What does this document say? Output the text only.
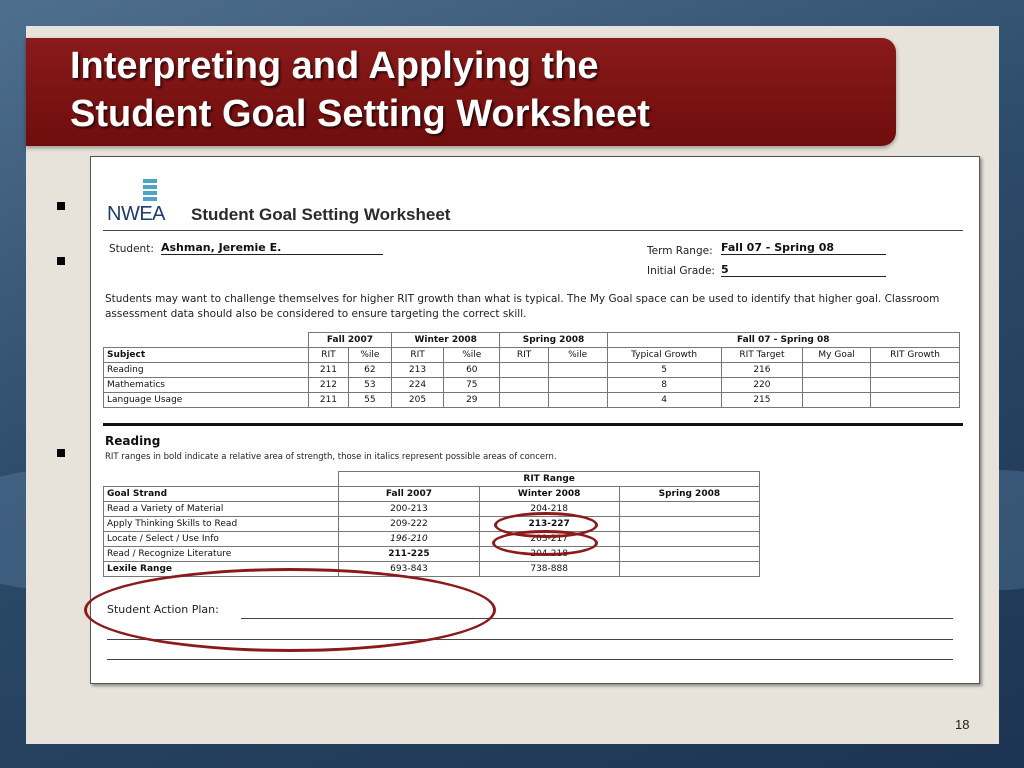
Interpreting and Applying the
Student Goal Setting Worksheet
NWEA Student Goal Setting Worksheet
Student: Ashman, Jeremie E.	Term Range: Fall 07 - Spring 08
Initial Grade: 5
Students may want to challenge themselves for higher RIT growth than what is typical. The My Goal space can be used to identify that higher goal. Classroom assessment data should also be considered to ensure targeting the correct skill.
	Fall 2007		Winter 2008		Spring 2008		Fall 07 - Spring 08			
Subject	RIT	%ile	RIT	%ile	RIT	%ile	Typical Growth	RIT Target	My Goal	RIT Growth
Reading	211	62	213	60			5	216		
Mathematics	212	53	224	75			8	220		
Language Usage	211	55	205	29			4	215		
Reading
RIT ranges in bold indicate a relative area of strength, those in italics represent possible areas of concern.
	RIT Range		
Goal Strand	Fall 2007	Winter 2008	Spring 2008
Read a Variety of Material	200-213	204-218	
Apply Thinking Skills to Read	209-222	213-227	
Locate / Select / Use Info	196-210	203-217	
Read / Recognize Literature	211-225	204-218	
Lexile Range	693-843	738-888	
Student Action Plan:
18
